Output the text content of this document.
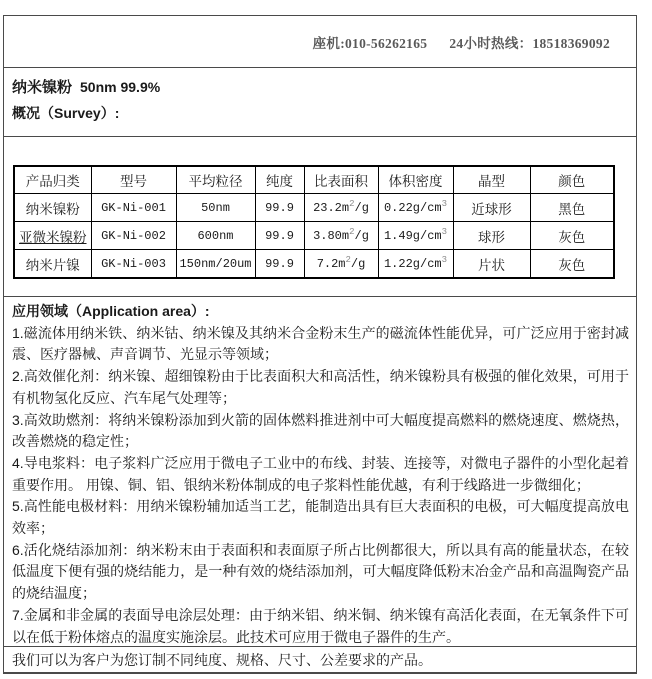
座机:010-56262165 24小时热线：18518369092
纳米镍粉 50nm 99.9%
概况（Survey）:
产品归类	型号	平均粒径	纯度	比表面积	体积密度	晶型	颜色
纳米镍粉	GK-Ni-001	50nm	99.9	$23.2m^2/g$	$0.22g/cm^3$	近球形	黑色
亚微米镍粉	GK-Ni-002	600nm	99.9	$3.80m^2/g$	$1.49g/cm^3$	球形	灰色
纳米片镍	GK-Ni-003	150nm/20um	99.9	$7.2m^2/g$	$1.22g/cm^3$	片状	灰色
应用领域（Application area）:

1.磁流体用纳米铁、纳米钴、纳米镍及其纳米合金粉末生产的磁流体性能优异，可广泛应用于密封减震、医疗器械、声音调节、光显示等领域；

2.高效催化剂：纳米镍、超细镍粉由于比表面积大和高活性，纳米镍粉具有极强的催化效果，可用于有机物氢化反应、汽车尾气处理等；

3.高效助燃剂：将纳米镍粉添加到火箭的固体燃料推进剂中可大幅度提高燃料的燃烧速度、燃烧热，改善燃烧的稳定性；

4.导电浆料：电子浆料广泛应用于微电子工业中的布线、封装、连接等，对微电子器件的小型化起着重要作用。 用镍、铜、铝、银纳米粉体制成的电子浆料性能优越，有利于线路进一步微细化；

5.高性能电极材料：用纳米镍粉辅加适当工艺，能制造出具有巨大表面积的电极，可大幅度提高放电效率；

6.活化烧结添加剂：纳米粉末由于表面积和表面原子所占比例都很大，所以具有高的能量状态，在较低温度下便有强的烧结能力，是一种有效的烧结添加剂，可大幅度降低粉末冶金产品和高温陶瓷产品的烧结温度；

7.金属和非金属的表面导电涂层处理：由于纳米铝、纳米铜、纳米镍有高活化表面，在无氧条件下可以在低于粉体熔点的温度实施涂层。此技术可应用于微电子器件的生产。

我们可以为客户为您订制不同纯度、规格、尺寸、公差要求的产品。
